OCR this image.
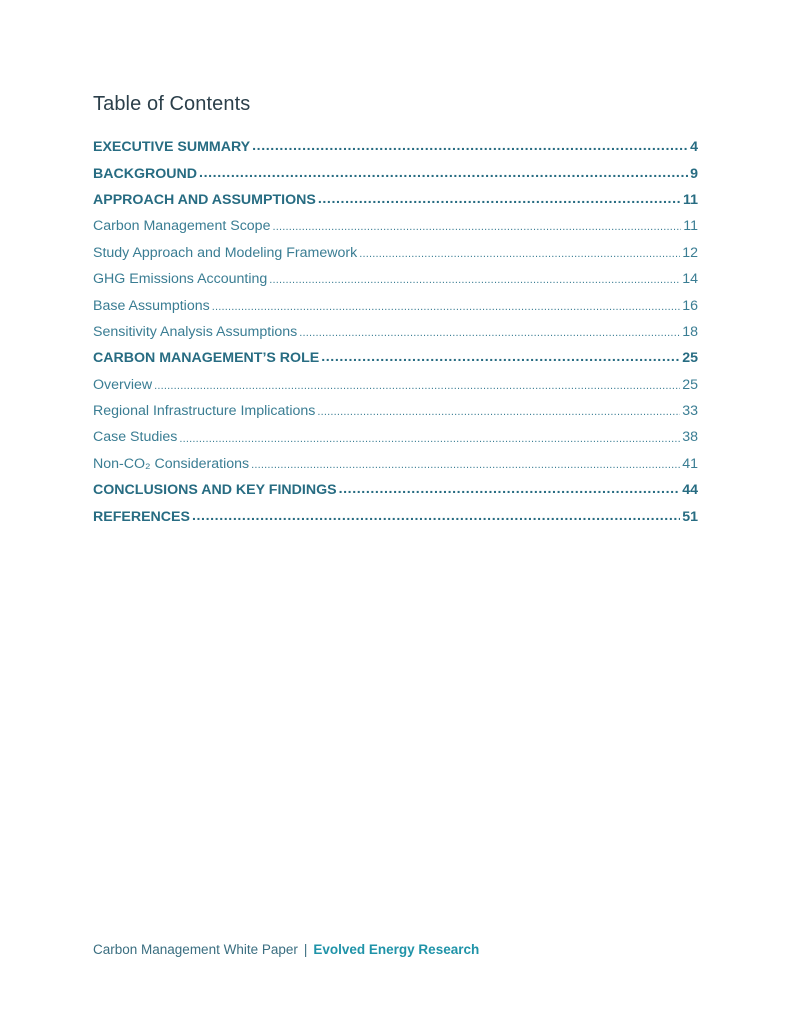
Table of Contents
EXECUTIVE SUMMARY .....	4
BACKGROUND .....	9
APPROACH AND ASSUMPTIONS .....	11
Carbon Management Scope .....	11
Study Approach and Modeling Framework .....	12
GHG Emissions Accounting .....	14
Base Assumptions .....	16
Sensitivity Analysis Assumptions .....	18
CARBON MANAGEMENT’S ROLE .....	25
Overview .....	25
Regional Infrastructure Implications .....	33
Case Studies .....	38
Non-CO₂ Considerations .....	41
CONCLUSIONS AND KEY FINDINGS .....	44
REFERENCES .....	51
Carbon Management White Paper | Evolved Energy Research
